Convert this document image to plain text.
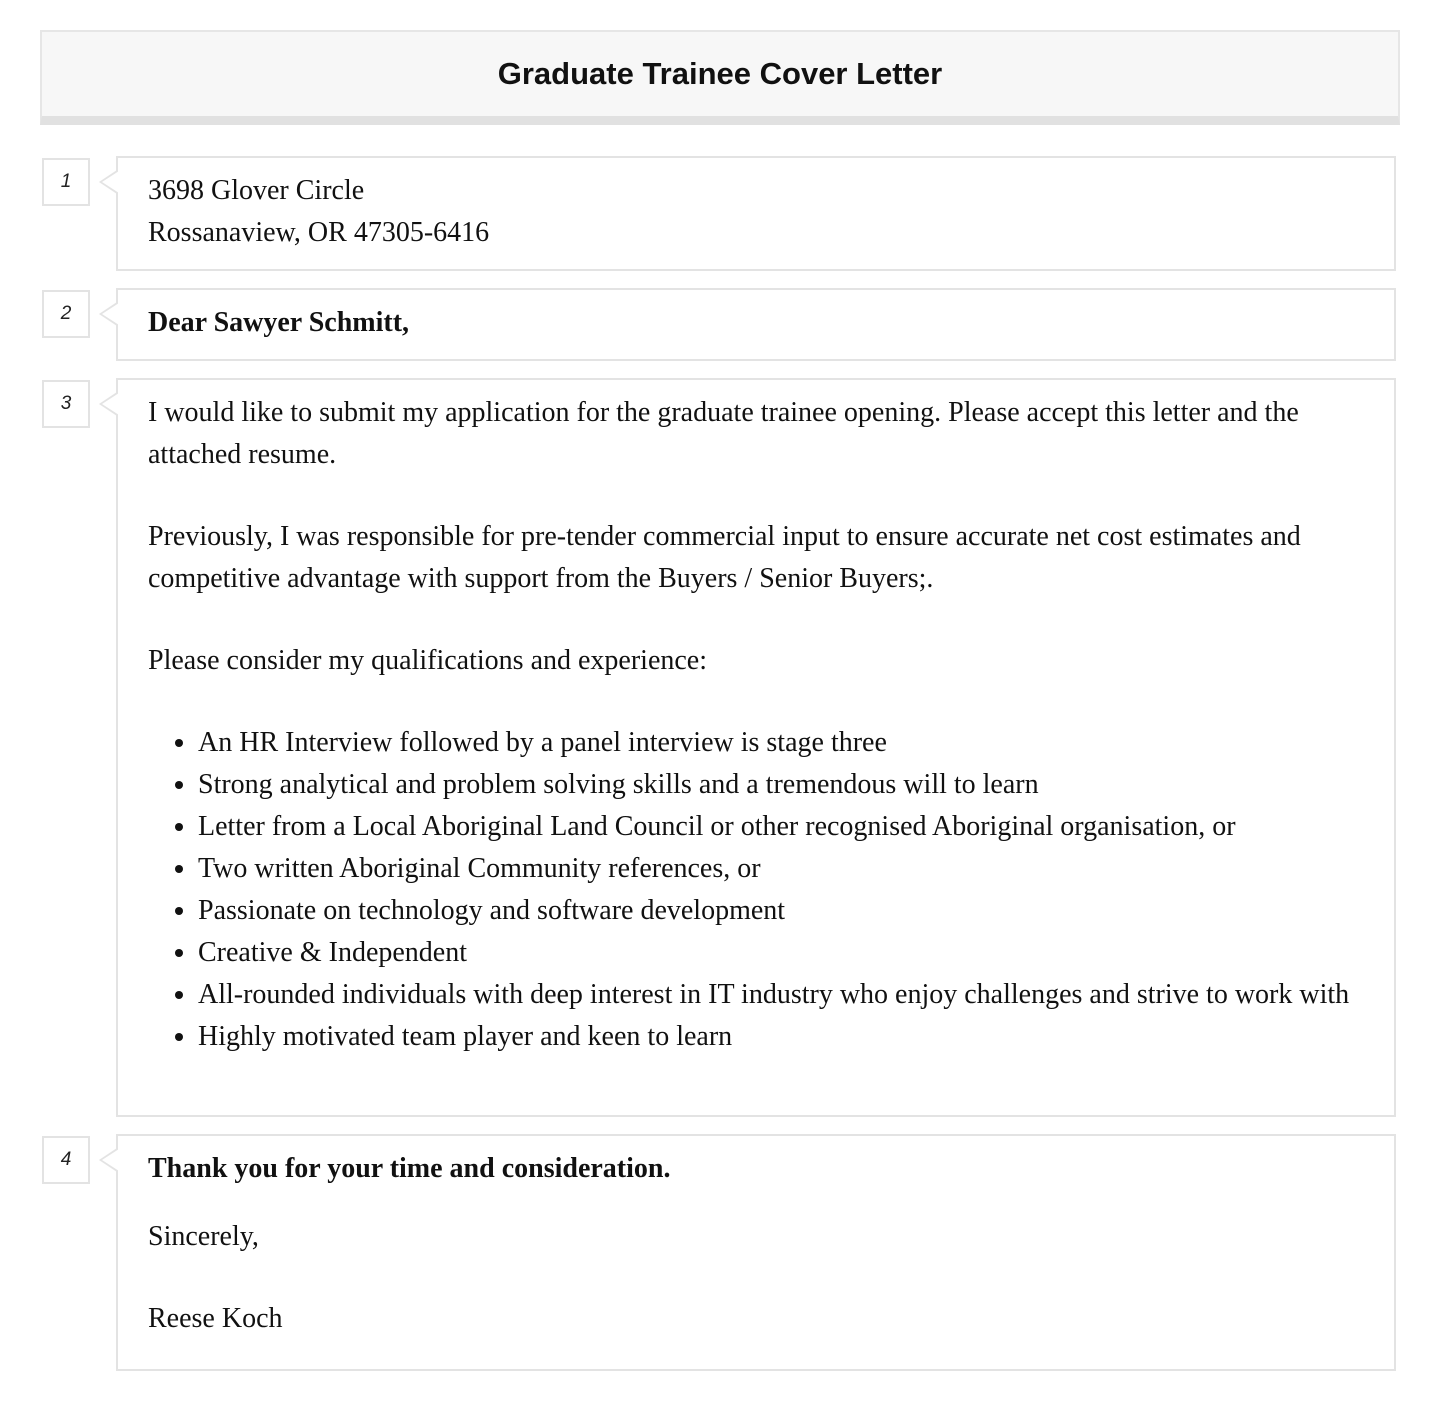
Graduate Trainee Cover Letter
1	3698 Glover Circle

Rossanaview, OR 47305-6416

2	Dear Sawyer Schmitt,

3	I would like to submit my application for the graduate trainee opening. Please accept this letter and the attached resume.

Previously, I was responsible for pre-tender commercial input to ensure accurate net cost estimates and competitive advantage with support from the Buyers / Senior Buyers;.

Please consider my qualifications and experience:

• An HR Interview followed by a panel interview is stage three
• Strong analytical and problem solving skills and a tremendous will to learn
• Letter from a Local Aboriginal Land Council or other recognised Aboriginal organisation, or
• Two written Aboriginal Community references, or
• Passionate on technology and software development
• Creative & Independent
• All-rounded individuals with deep interest in IT industry who enjoy challenges and strive to work with
• Highly motivated team player and keen to learn
4	Thank you for your time and consideration.

Sincerely,

Reese Koch
